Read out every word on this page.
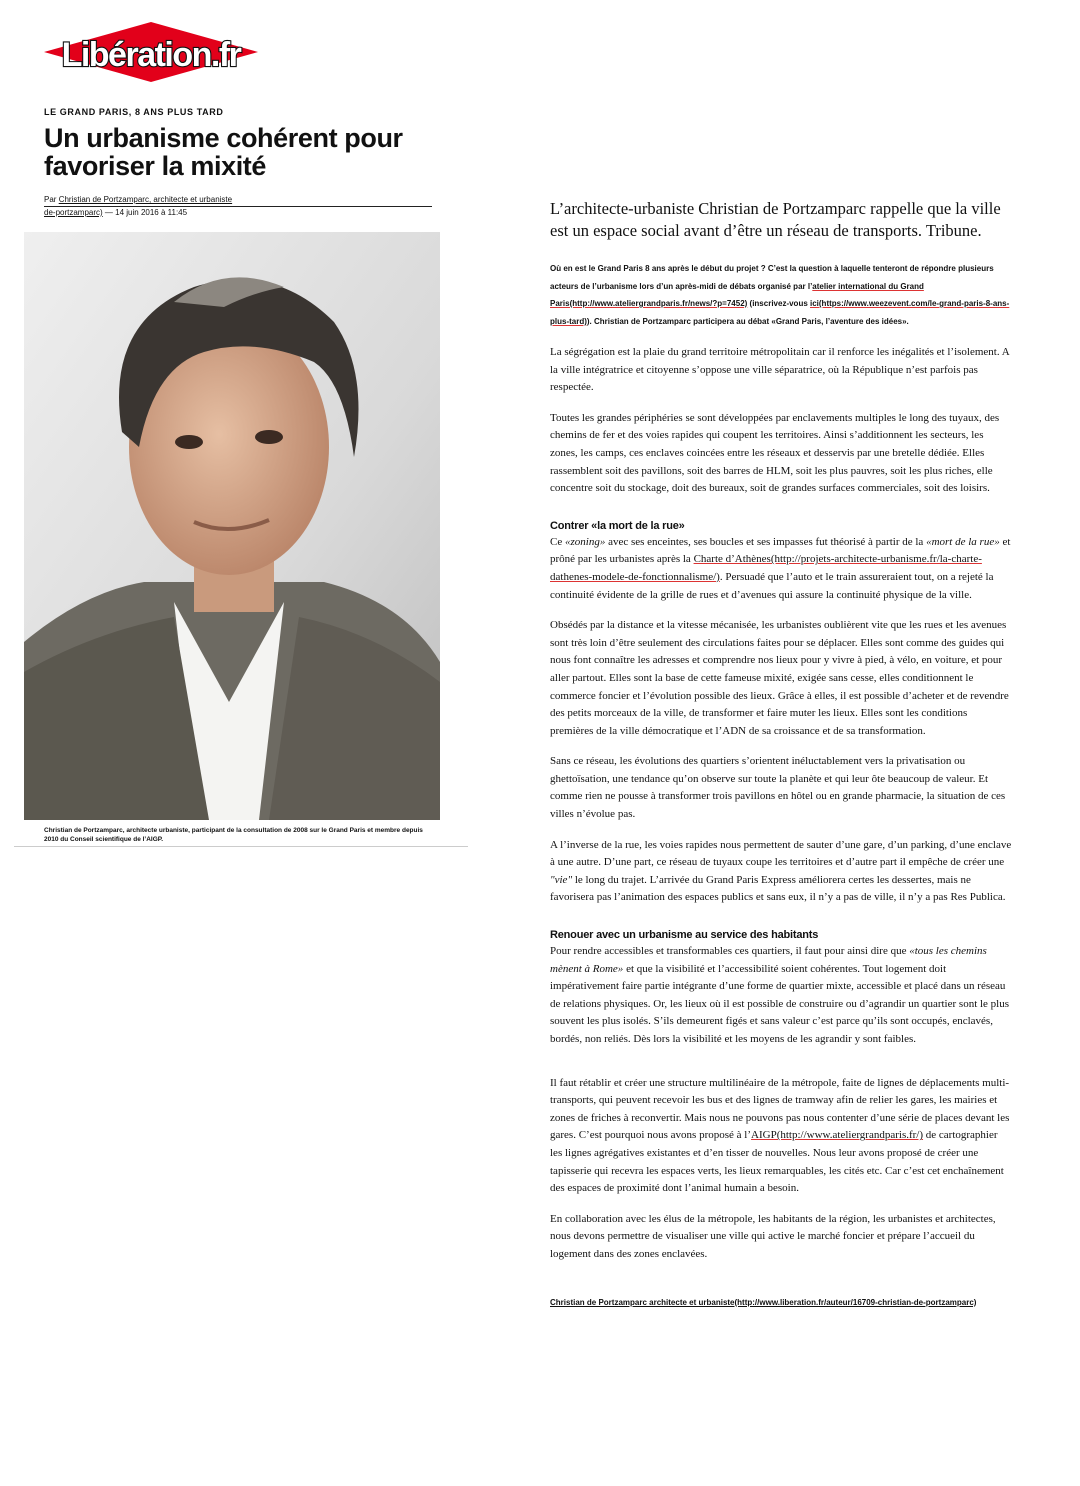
Libération.fr
LE GRAND PARIS, 8 ANS PLUS TARD
Un urbanisme cohérent pour favoriser la mixité
Par Christian de Portzamparc, architecte et urbaniste
de-portzamparc) — 14 juin 2016 à 11:45
Christian de Portzamparc, architecte urbaniste, participant de la consultation de 2008 sur le Grand Paris et membre depuis 2010 du Conseil scientifique de l’AIGP.

L’architecte-urbaniste Christian de Portzamparc rappelle que la ville est un espace social avant d’être un réseau de transports. Tribune.

Où en est le Grand Paris 8 ans après le début du projet ? C’est la question à laquelle tenteront de répondre plusieurs acteurs de l’urbanisme lors d’un après-midi de débats organisé par l’atelier international du Grand Paris(http://www.ateliergrandparis.fr/news/?p=7452) (inscrivez-vous ici(https://www.weezevent.com/le-grand-paris-8-ans-plus-tard)). Christian de Portzamparc participera au débat «Grand Paris, l’aventure des idées».

La ségrégation est la plaie du grand territoire métropolitain car il renforce les inégalités et l’isolement. A la ville intégratrice et citoyenne s’oppose une ville séparatrice, où la République n’est parfois pas respectée.

Toutes les grandes périphéries se sont développées par enclavements multiples le long des tuyaux, des chemins de fer et des voies rapides qui coupent les territoires. Ainsi s’additionnent les secteurs, les zones, les camps, ces enclaves coincées entre les réseaux et desservis par une bretelle dédiée. Elles rassemblent soit des pavillons, soit des barres de HLM, soit les plus pauvres, soit les plus riches, elle concentre soit du stockage, doit des bureaux, soit de grandes surfaces commerciales, soit des loisirs.

Contrer «la mort de la rue»

Ce «zoning» avec ses enceintes, ses boucles et ses impasses fut théorisé à partir de la «mort de la rue» et prôné par les urbanistes après la Charte d’Athènes(http://projets-architecte-urbanisme.fr/la-charte-dathenes-modele-de-fonctionnalisme/). Persuadé que l’auto et le train assureraient tout, on a rejeté la continuité évidente de la grille de rues et d’avenues qui assure la continuité physique de la ville.

Obsédés par la distance et la vitesse mécanisée, les urbanistes oublièrent vite que les rues et les avenues sont très loin d’être seulement des circulations faites pour se déplacer. Elles sont comme des guides qui nous font connaître les adresses et comprendre nos lieux pour y vivre à pied, à vélo, en voiture, et pour aller partout. Elles sont la base de cette fameuse mixité, exigée sans cesse, elles conditionnent le commerce foncier et l’évolution possible des lieux. Grâce à elles, il est possible d’acheter et de revendre des petits morceaux de la ville, de transformer et faire muter les lieux. Elles sont les conditions premières de la ville démocratique et l’ADN de sa croissance et de sa transformation.

Sans ce réseau, les évolutions des quartiers s’orientent inéluctablement vers la privatisation ou ghettoïsation, une tendance qu’on observe sur toute la planète et qui leur ôte beaucoup de valeur. Et comme rien ne pousse à transformer trois pavillons en hôtel ou en grande pharmacie, la situation de ces villes n’évolue pas.

A l’inverse de la rue, les voies rapides nous permettent de sauter d’une gare, d’un parking, d’une enclave à une autre. D’une part, ce réseau de tuyaux coupe les territoires et d’autre part il empêche de créer une "vie" le long du trajet. L’arrivée du Grand Paris Express améliorera certes les dessertes, mais ne favorisera pas l’animation des espaces publics et sans eux, il n’y a pas de ville, il n’y a pas Res Publica.

Renouer avec un urbanisme au service des habitants

Pour rendre accessibles et transformables ces quartiers, il faut pour ainsi dire que «tous les chemins mènent à Rome» et que la visibilité et l’accessibilité soient cohérentes. Tout logement doit impérativement faire partie intégrante d’une forme de quartier mixte, accessible et placé dans un réseau de relations physiques. Or, les lieux où il est possible de construire ou d’agrandir un quartier sont le plus souvent les plus isolés. S’ils demeurent figés et sans valeur c’est parce qu’ils sont occupés, enclavés, bordés, non reliés. Dès lors la visibilité et les moyens de les agrandir y sont faibles.

Il faut rétablir et créer une structure multilinéaire de la métropole, faite de lignes de déplacements multi-transports, qui peuvent recevoir les bus et des lignes de tramway afin de relier les gares, les mairies et zones de friches à reconvertir. Mais nous ne pouvons pas nous contenter d’une série de places devant les gares. C’est pourquoi nous avons proposé à l’AIGP(http://www.ateliergrandparis.fr/) de cartographier les lignes agrégatives existantes et d’en tisser de nouvelles. Nous leur avons proposé de créer une tapisserie qui recevra les espaces verts, les lieux remarquables, les cités etc. Car c’est cet enchaînement des espaces de proximité dont l’animal humain a besoin.

En collaboration avec les élus de la métropole, les habitants de la région, les urbanistes et architectes, nous devons permettre de visualiser une ville qui active le marché foncier et prépare l’accueil du logement dans des zones enclavées.

Christian de Portzamparc architecte et urbaniste(http://www.liberation.fr/auteur/16709-christian-de-portzamparc)
